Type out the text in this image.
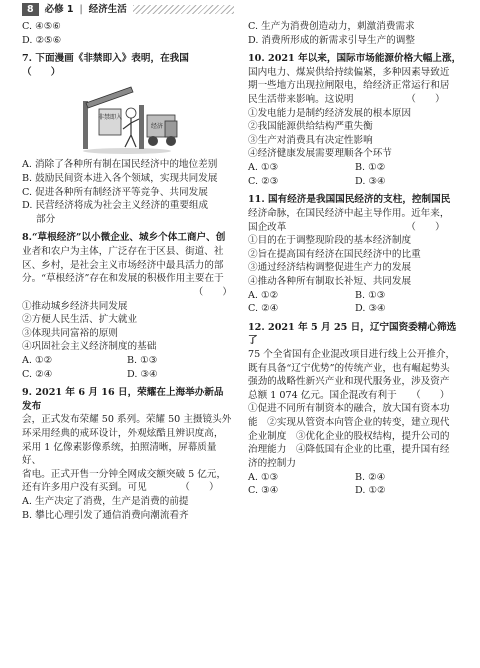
8	必修 1 | 经济生活

C. ④⑤⑥

D. ②⑤⑥

7. 下面漫画《非禁即入》表明，在我国　　（　　）

非禁即入
经济

A. 消除了各种所有制在国民经济中的地位差别

B. 鼓励民间资本进入各个领域，实现共同发展

C. 促进各种所有制经济平等竞争、共同发展

D. 民营经济将成为社会主义经济的重要组成

部分

8.“草根经济”以小微企业、城乡个体工商户、创

业者和农户为主体，广泛存在于区县、街道、社

区、乡村，是社会主义市场经济中最具活力的部

分。“草根经济”存在和发展的积极作用主要在于

（　　）

①推动城乡经济共同发展

②方便人民生活、扩大就业

③体现共同富裕的原则

④巩固社会主义经济制度的基础

A. ①②	B. ①③
C. ②④	D. ③④

9. 2021 年 6 月 16 日，荣耀在上海举办新品发布

会，正式发布荣耀 50 系列。荣耀 50 主摄镜头外

环采用经典的戒环设计，外观炫酷且辨识度高，

采用 1 亿像素影像系统，拍照清晰，屏幕质量好、

省电。正式开售一分钟全网成交额突破 5 亿元，

还有许多用户没有买到。可见　　　　（　　）

A. 生产决定了消费，生产是消费的前提

B. 攀比心理引发了通信消费向潮流看齐

C. 生产为消费创造动力，刺激消费需求

D. 消费所形成的新需求引导生产的调整

10. 2021 年以来，国际市场能源价格大幅上涨，

国内电力、煤炭供给持续偏紧，多种因素导致近

期一些地方出现拉闸限电，给经济正常运行和居

民生活带来影响。这说明　　　　　　（　　）

①发电能力是制约经济发展的根本原因

②我国能源供给结构严重失衡

③生产对消费具有决定性影响

④经济健康发展需要理顺各个环节

A. ①③	B. ①②
C. ②③	D. ③④

11. 国有经济是我国国民经济的支柱，控制国民

经济命脉，在国民经济中起主导作用。近年来，

国企改革　　　　　　　　　　　　　（　　）

①目的在于调整现阶段的基本经济制度

②旨在提高国有经济在国民经济中的比重

③通过经济结构调整促进生产力的发展

④推动各种所有制取长补短、共同发展

A. ①②	B. ①③
C. ②④	D. ③④

12. 2021 年 5 月 25 日，辽宁国资委精心筛选了

75 个全省国有企业混改项目进行线上公开推介，

既有具备“辽宁优势”的传统产业，也有崛起势头

强劲的战略性新兴产业和现代服务业，涉及资产

总额 1 074 亿元。国企混改有利于　　（　　）

①促进不同所有制资本的融合，放大国有资本功

能　②实现从管资本向管企业的转变，建立现代

企业制度　③优化企业的股权结构，提升公司的

治理能力　④降低国有企业的比重，提升国有经

济的控制力

A. ①③	B. ②④
C. ③④	D. ①②
